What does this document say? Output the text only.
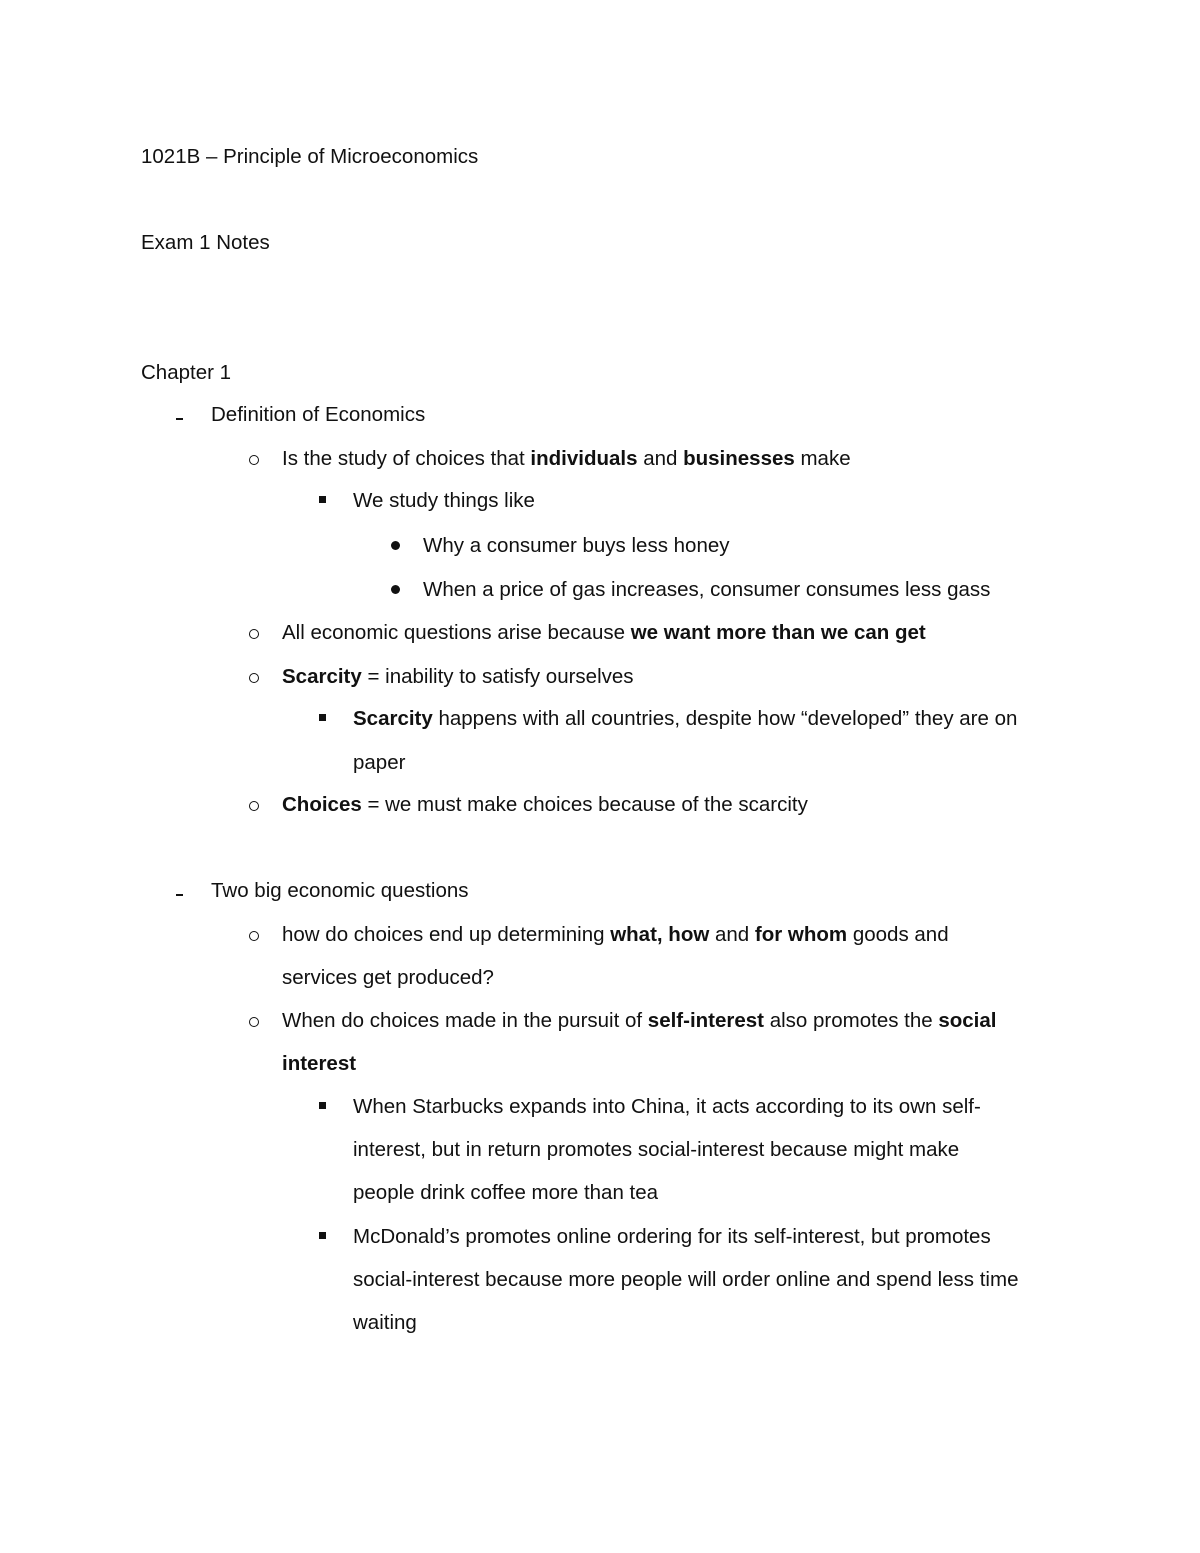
1021B – Principle of Microeconomics
Exam 1 Notes
Chapter 1
Definition of Economics
Is the study of choices that individuals and businesses make
We study things like
Why a consumer buys less honey
When a price of gas increases, consumer consumes less gass
All economic questions arise because we want more than we can get
Scarcity = inability to satisfy ourselves
Scarcity happens with all countries, despite how “developed” they are on
paper
Choices = we must make choices because of the scarcity
Two big economic questions
how do choices end up determining what, how and for whom goods and
services get produced?
When do choices made in the pursuit of self-interest also promotes the social
interest
When Starbucks expands into China, it acts according to its own self-
interest, but in return promotes social-interest because might make
people drink coffee more than tea
McDonald’s promotes online ordering for its self-interest, but promotes
social-interest because more people will order online and spend less time
waiting
